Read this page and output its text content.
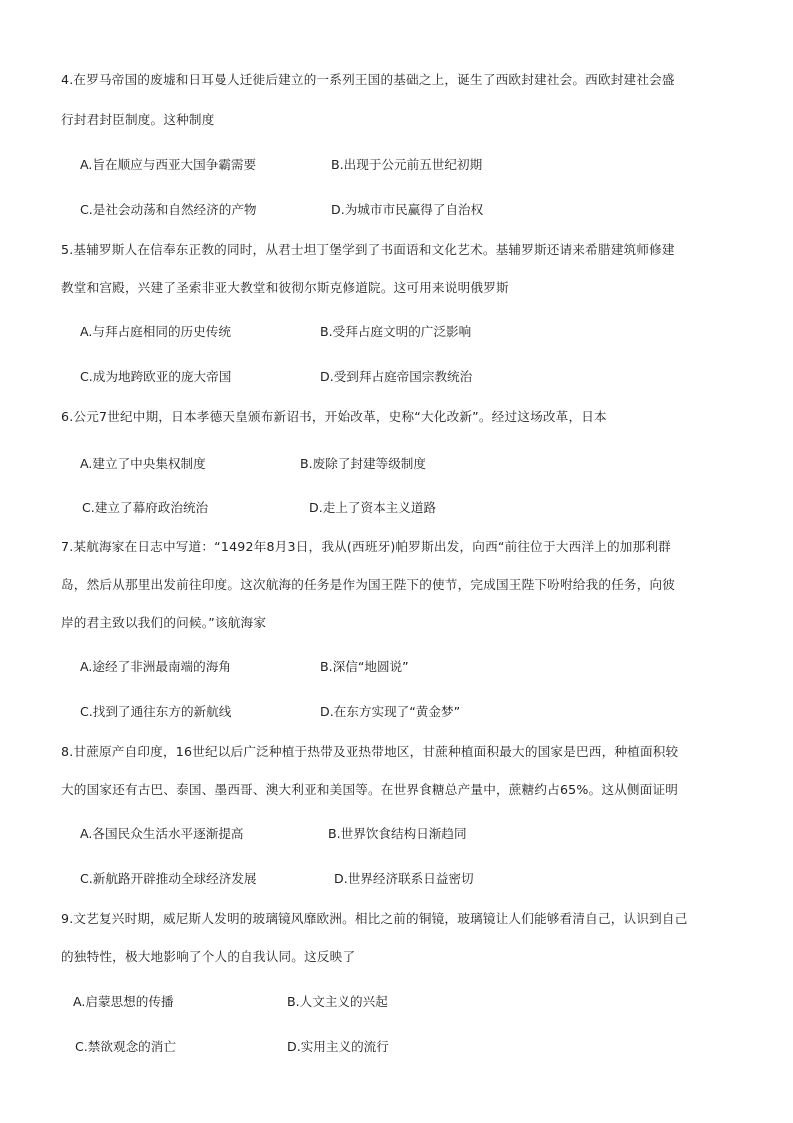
4.在罗马帝国的废墟和日耳曼人迁徙后建立的一系列王国的基础之上，诞生了西欧封建社会。西欧封建社会盛
行封君封臣制度。这种制度
A.旨在顺应与西亚大国争霸需要	B.出现于公元前五世纪初期
C.是社会动荡和自然经济的产物	D.为城市市民赢得了自治权
5.基辅罗斯人在信奉东正教的同时，从君士坦丁堡学到了书面语和文化艺术。基辅罗斯还请来希腊建筑师修建
教堂和宫殿，兴建了圣索非亚大教堂和彼彻尔斯克修道院。这可用来说明俄罗斯
A.与拜占庭相同的历史传统	B.受拜占庭文明的广泛影响
C.成为地跨欧亚的庞大帝国	D.受到拜占庭帝国宗教统治
6.公元7世纪中期，日本孝德天皇颁布新诏书，开始改革，史称“大化改新”。经过这场改革，日本
A.建立了中央集权制度	B.废除了封建等级制度
C.建立了幕府政治统治	D.走上了资本主义道路
7.某航海家在日志中写道：“1492年8月3日，我从(西班牙)帕罗斯出发，向西“前往位于大西洋上的加那利群
岛，然后从那里出发前往印度。这次航海的任务是作为国王陛下的使节，完成国王陛下吩咐给我的任务，向彼
岸的君主致以我们的问候。”该航海家
A.途经了非洲最南端的海角	B.深信“地圆说”
C.找到了通往东方的新航线	D.在东方实现了“黄金梦”
8.甘蔗原产自印度，16世纪以后广泛种植于热带及亚热带地区，甘蔗种植面积最大的国家是巴西，种植面积较
大的国家还有古巴、泰国、墨西哥、澳大利亚和美国等。在世界食糖总产量中，蔗糖约占65%。这从侧面证明
A.各国民众生活水平逐渐提高	B.世界饮食结构日渐趋同
C.新航路开辟推动全球经济发展	D.世界经济联系日益密切
9.文艺复兴时期，威尼斯人发明的玻璃镜风靡欧洲。相比之前的铜镜，玻璃镜让人们能够看清自己，认识到自己
的独特性，极大地影响了个人的自我认同。这反映了
A.启蒙思想的传播	B.人文主义的兴起
C.禁欲观念的消亡	D.实用主义的流行
